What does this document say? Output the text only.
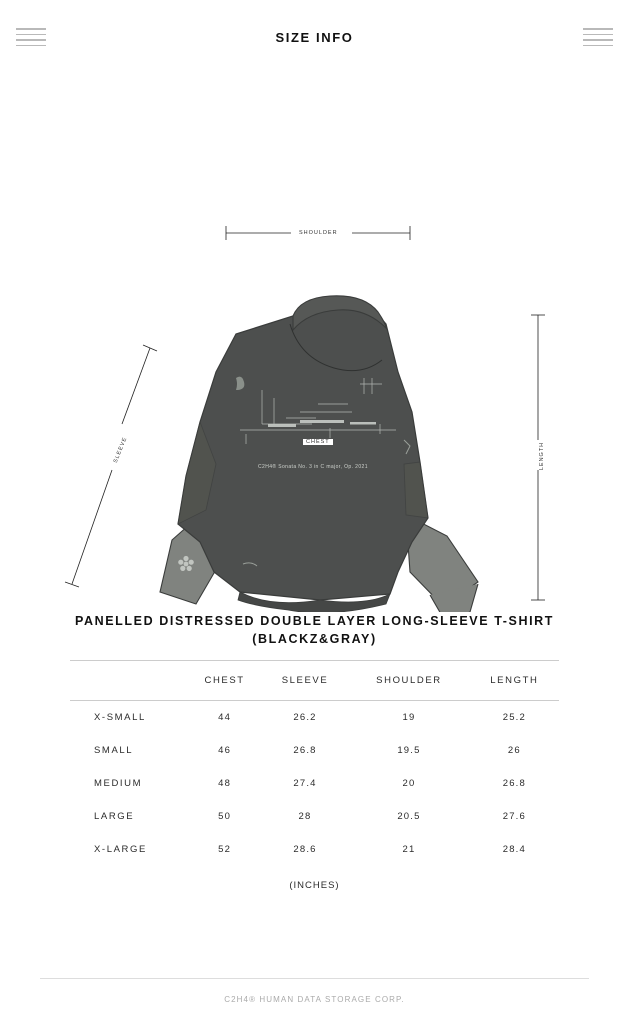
SIZE INFO
C2H4® Sonata No. 3 in C major, Op. 2021
SHOULDER
CHEST
SLEEVE	LENGTH
PANELLED DISTRESSED DOUBLE LAYER LONG-SLEEVE T-SHIRT
(BLACKZ&GRAY)
	CHEST	SLEEVE	SHOULDER	LENGTH
X-SMALL	44	26.2	19	25.2
SMALL	46	26.8	19.5	26
MEDIUM	48	27.4	20	26.8
LARGE	50	28	20.5	27.6
X-LARGE	52	28.6	21	28.4
(INCHES)
C2H4® HUMAN DATA STORAGE CORP.
